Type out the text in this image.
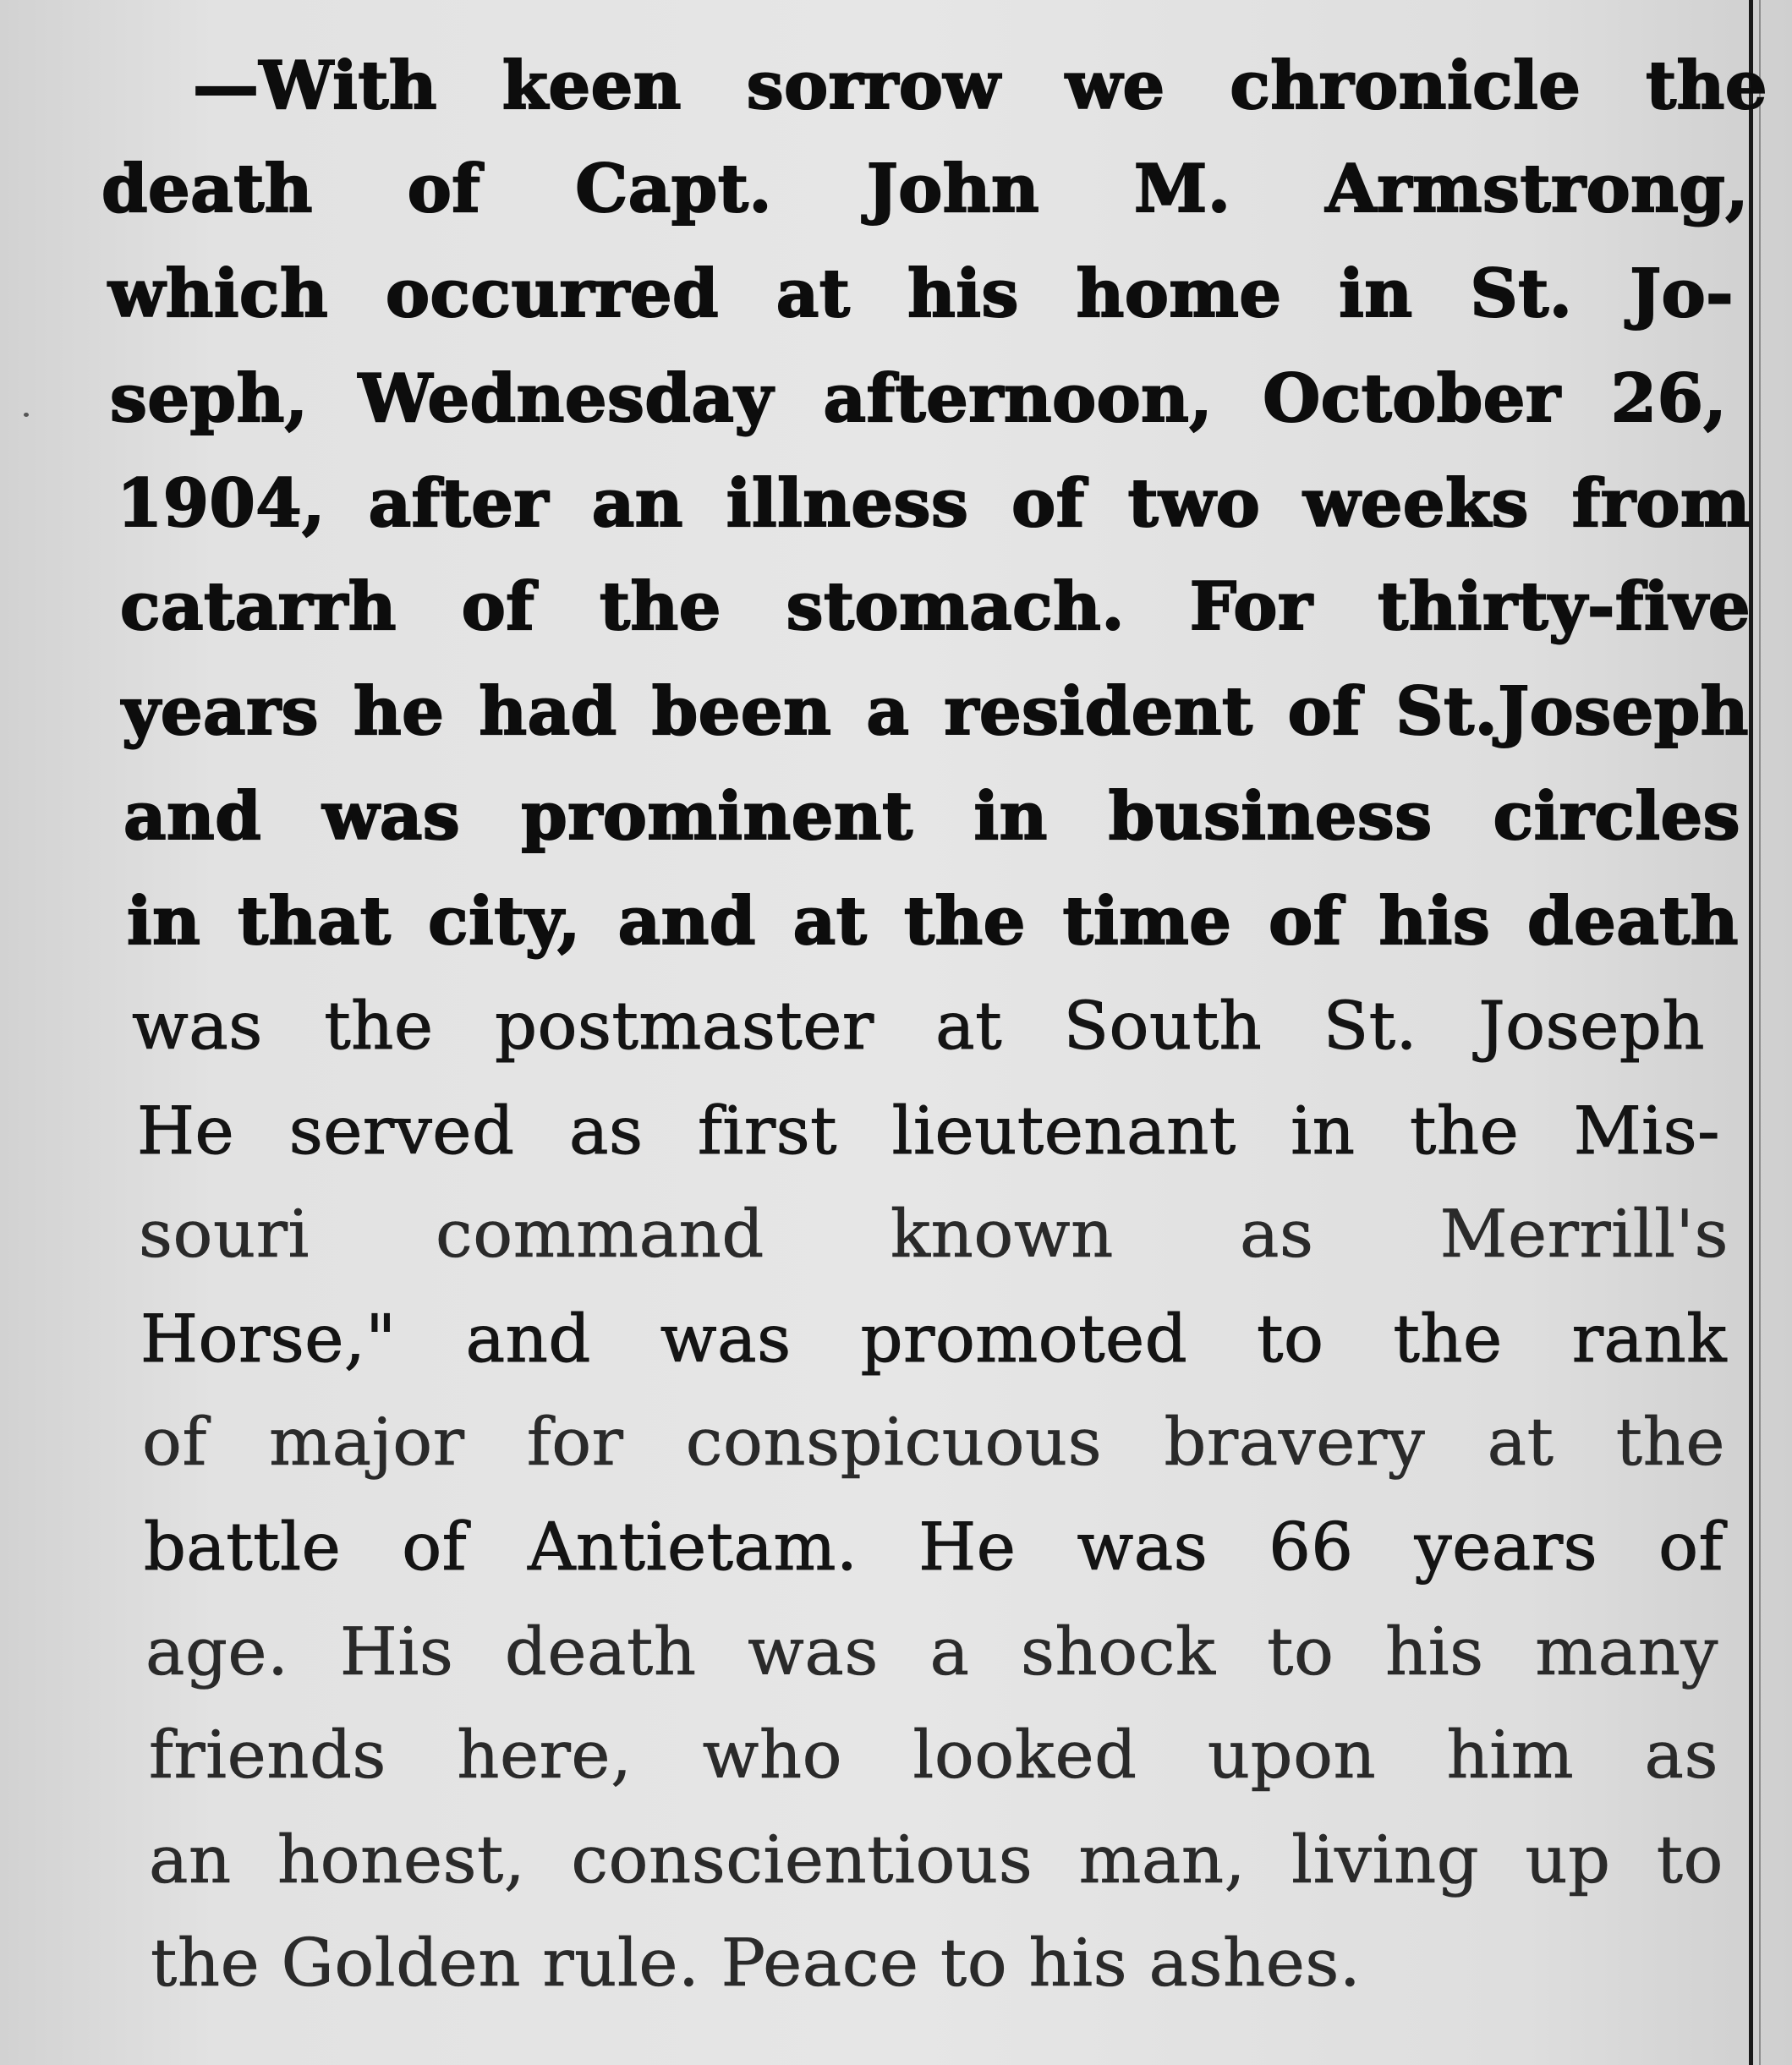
—With keen sorrow we chronicle the
death of Capt. John M. Armstrong,
which occurred at his home in St. Jo-
seph, Wednesday afternoon, October 26,
1904, after an illness of two weeks from
catarrh of the stomach. For thirty-five
years he had been a resident of St.Joseph
and was prominent in business circles
in that city, and at the time of his death
was the postmaster at South St. Joseph
He served as first lieutenant in the Mis-
souri command known as Merrill's
Horse," and was promoted to the rank
of major for conspicuous bravery at the
battle of Antietam. He was 66 years of
age. His death was a shock to his many
friends here, who looked upon him as
an honest, conscientious man, living up to
the Golden rule. Peace to his ashes.
